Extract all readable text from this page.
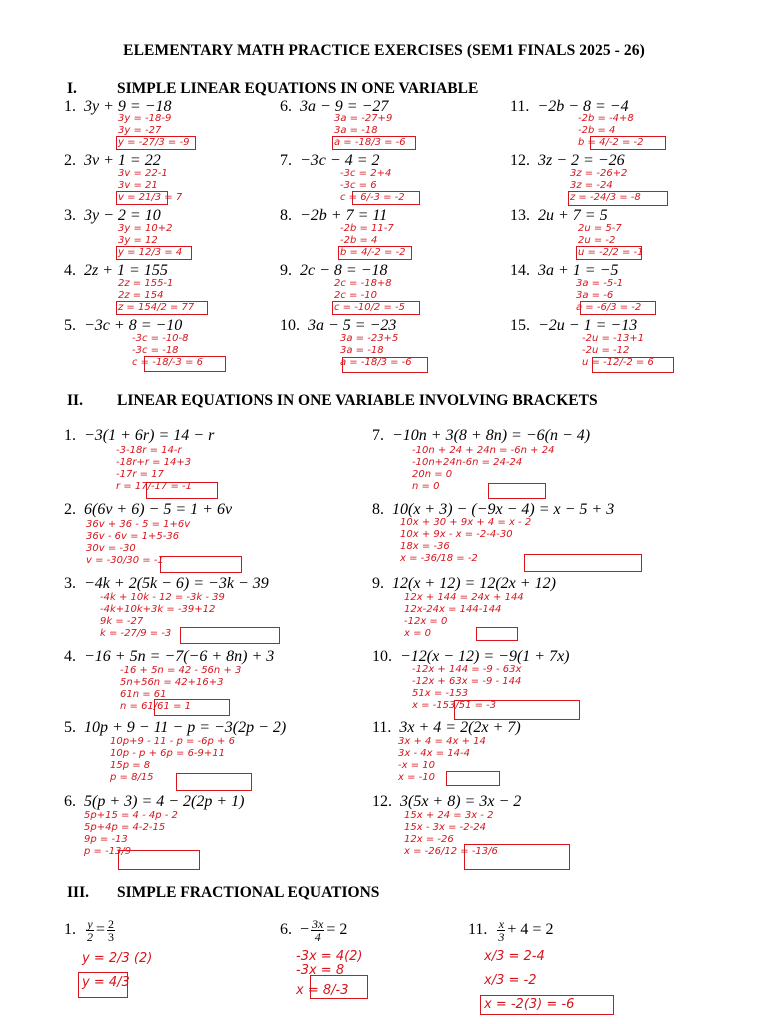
ELEMENTARY MATH PRACTICE EXERCISES (SEM1 FINALS 2025 - 26)
I.	SIMPLE LINEAR EQUATIONS IN ONE VARIABLE
1. 3y + 9 = −18
3y = -18-9
3y = -27
y = -27/3 = -9
2. 3v + 1 = 22
3v = 22-1
3v = 21
v = 21/3 = 7
3. 3y − 2 = 10
3y = 10+2
3y = 12
y = 12/3 = 4
4. 2z + 1 = 155
2z = 155-1
2z = 154
z = 154/2 = 77
5. −3c + 8 = −10
-3c = -10-8
-3c = -18
c = -18/-3 = 6
6. 3a − 9 = −27
3a = -27+9
3a = -18
a = -18/3 = -6
7. −3c − 4 = 2
-3c = 2+4
-3c = 6
c = 6/-3 = -2
8. −2b + 7 = 11
-2b = 11-7
-2b = 4
b = 4/-2 = -2
9. 2c − 8 = −18
2c = -18+8
2c = -10
c = -10/2 = -5
10. 3a − 5 = −23
3a = -23+5
3a = -18
a = -18/3 = -6
11. −2b − 8 = −4
-2b = -4+8
-2b = 4
b = 4/-2 = -2
12. 3z − 2 = −26
3z = -26+2
3z = -24
z = -24/3 = -8
13. 2u + 7 = 5
2u = 5-7
2u = -2
u = -2/2 = -1
14. 3a + 1 = −5
3a = -5-1
3a = -6
a = -6/3 = -2
15. −2u − 1 = −13
-2u = -13+1
-2u = -12
u = -12/-2 = 6
II. LINEAR EQUATIONS IN ONE VARIABLE INVOLVING BRACKETS
1. −3(1 + 6r) = 14 − r
-3-18r = 14-r
-18r+r = 14+3
-17r = 17
r = 17/-17 = -1
2. 6(6v + 6) − 5 = 1 + 6v
36v + 36 - 5 = 1+6v
36v - 6v = 1+5-36
30v = -30
v = -30/30 = -1
3. −4k + 2(5k − 6) = −3k − 39
-4k + 10k - 12 = -3k - 39
-4k+10k+3k = -39+12
9k = -27
k = -27/9 = -3
4. −16 + 5n = −7(−6 + 8n) + 3
-16 + 5n = 42 - 56n + 3
5n+56n = 42+16+3
61n = 61
n = 61/61 = 1
5. 10p + 9 − 11 − p = −3(2p − 2)
10p+9 - 11 - p = -6p + 6
10p - p + 6p = 6-9+11
15p = 8
p = 8/15
6. 5(p + 3) = 4 − 2(2p + 1)
5p+15 = 4 - 4p - 2
5p+4p = 4-2-15
9p = -13
p = -13/9
7. −10n + 3(8 + 8n) = −6(n − 4)
-10n + 24 + 24n = -6n + 24
-10n+24n-6n = 24-24
20n = 0
n = 0
8. 10(x + 3) − (−9x − 4) = x − 5 + 3
10x + 30 + 9x + 4 = x - 2
10x + 9x - x = -2-4-30
18x = -36
x = -36/18 = -2
9. 12(x + 12) = 12(2x + 12)
12x + 144 = 24x + 144
12x-24x = 144-144
-12x = 0
x = 0
10. −12(x − 12) = −9(1 + 7x)
-12x + 144 = -9 - 63x
-12x + 63x = -9 - 144
51x = -153
x = -153/51 = -3
11. 3x + 4 = 2(2x + 7)
3x + 4 = 4x + 14
3x - 4x = 14-4
-x = 10
x = -10
12. 3(5x + 8) = 3x − 2
15x + 24 = 3x - 2
15x - 3x = -2-24
12x = -26
x = -26/12 = -13/6
III. SIMPLE FRACTIONAL EQUATIONS
1. $\frac{y}{2} = \frac{2}{3}$
y = 2/3 (2)
y = 4/3
6. − $\frac{3x}{4} = 2$
-3x = 4(2)
-3x = 8
x = 8/-3
11. $\frac{x}{3} + 4 = 2$
x/3 = 2-4
x/3 = -2
x = -2(3) = -6
